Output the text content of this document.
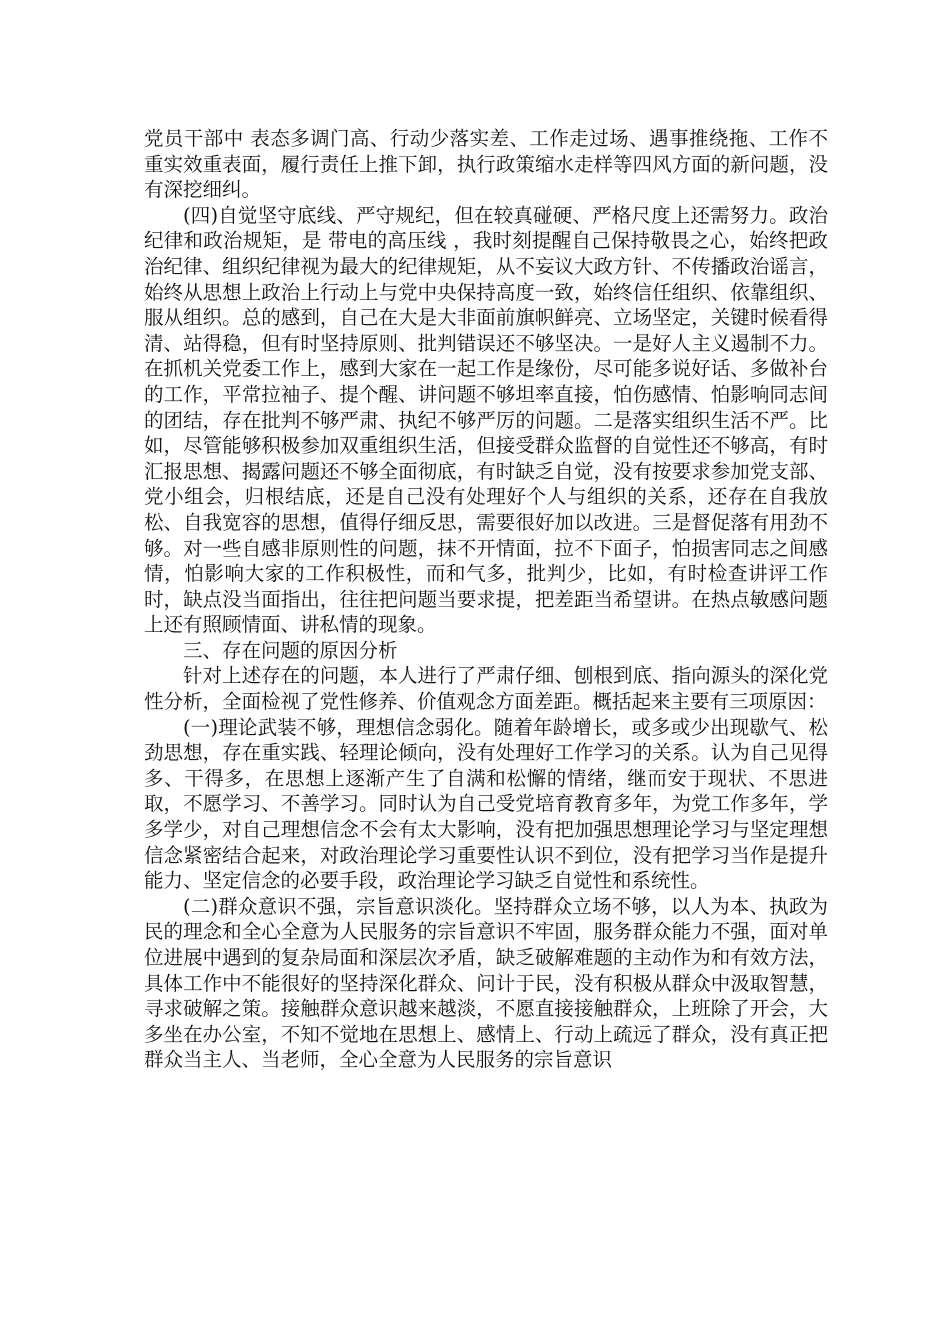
党员干部中 表态多调门高、行动少落实差、工作走过场、遇事推绕拖、工作不重实效重表面，履行责任上推下卸，执行政策缩水走样等四风方面的新问题，没有深挖细纠。

(四)自觉坚守底线、严守规纪，但在较真碰硬、严格尺度上还需努力。政治纪律和政治规矩，是 带电的高压线 ，我时刻提醒自己保持敬畏之心，始终把政治纪律、组织纪律视为最大的纪律规矩，从不妄议大政方针、不传播政治谣言，始终从思想上政治上行动上与党中央保持高度一致，始终信任组织、依靠组织、服从组织。总的感到，自己在大是大非面前旗帜鲜亮、立场坚定，关键时候看得清、站得稳，但有时坚持原则、批判错误还不够坚决。一是好人主义遏制不力。在抓机关党委工作上，感到大家在一起工作是缘份，尽可能多说好话、多做补台的工作，平常拉袖子、提个醒、讲问题不够坦率直接，怕伤感情、怕影响同志间的团结，存在批判不够严肃、执纪不够严厉的问题。二是落实组织生活不严。比如，尽管能够积极参加双重组织生活，但接受群众监督的自觉性还不够高，有时汇报思想、揭露问题还不够全面彻底，有时缺乏自觉，没有按要求参加党支部、党小组会，归根结底，还是自己没有处理好个人与组织的关系，还存在自我放松、自我宽容的思想，值得仔细反思，需要很好加以改进。三是督促落有用劲不够。对一些自感非原则性的问题，抹不开情面，拉不下面子，怕损害同志之间感情，怕影响大家的工作积极性，而和气多，批判少，比如，有时检查讲评工作时，缺点没当面指出，往往把问题当要求提，把差距当希望讲。在热点敏感问题上还有照顾情面、讲私情的现象。

三、存在问题的原因分析

针对上述存在的问题，本人进行了严肃仔细、刨根到底、指向源头的深化党性分析，全面检视了党性修养、价值观念方面差距。概括起来主要有三项原因：

(一)理论武装不够，理想信念弱化。随着年龄增长，或多或少出现歇气、松劲思想，存在重实践、轻理论倾向，没有处理好工作学习的关系。认为自己见得多、干得多，在思想上逐渐产生了自满和松懈的情绪，继而安于现状、不思进取，不愿学习、不善学习。同时认为自己受党培育教育多年，为党工作多年，学多学少，对自己理想信念不会有太大影响，没有把加强思想理论学习与坚定理想信念紧密结合起来，对政治理论学习重要性认识不到位，没有把学习当作是提升能力、坚定信念的必要手段，政治理论学习缺乏自觉性和系统性。

(二)群众意识不强，宗旨意识淡化。坚持群众立场不够，以人为本、执政为民的理念和全心全意为人民服务的宗旨意识不牢固，服务群众能力不强，面对单位进展中遇到的复杂局面和深层次矛盾，缺乏破解难题的主动作为和有效方法，具体工作中不能很好的坚持深化群众、问计于民，没有积极从群众中汲取智慧，寻求破解之策。接触群众意识越来越淡，不愿直接接触群众，上班除了开会，大多坐在办公室，不知不觉地在思想上、感情上、行动上疏远了群众，没有真正把群众当主人、当老师，全心全意为人民服务的宗旨意识
